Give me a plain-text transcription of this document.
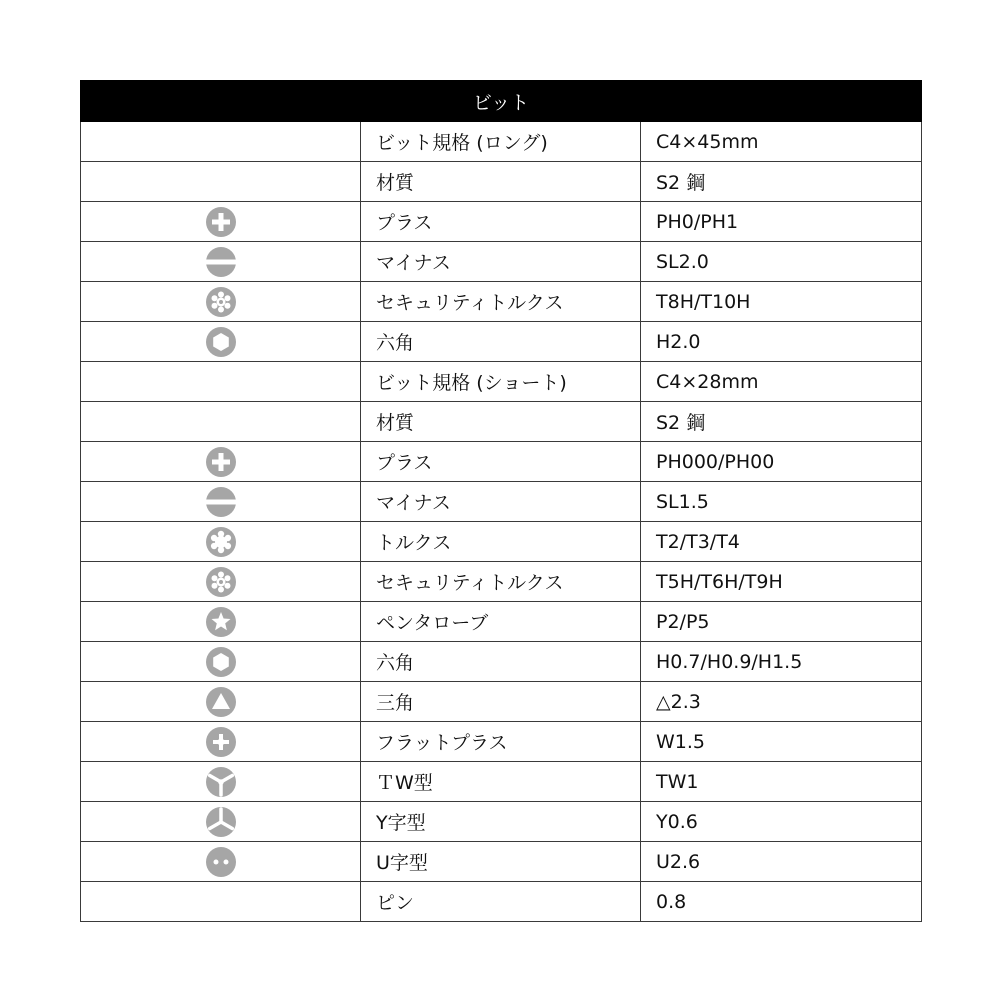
ビット		
	ビット規格 (ロング)	C4×45mm
	材質	S2 鋼

	プラス	PH0/PH1

	マイナス	SL2.0

	セキュリティトルクス	T8H/T10H

	六角	H2.0
	ビット規格 (ショート)	C4×28mm
	材質	S2 鋼

	プラス	PH000/PH00

	マイナス	SL1.5

	トルクス	T2/T3/T4

	セキュリティトルクス	T5H/T6H/T9H

	ペンタローブ	P2/P5

	六角	H0.7/H0.9/H1.5

	三角	△2.3

	フラットプラス	W1.5

	ＴW型	TW1

	Y字型	Y0.6

	U字型	U2.6
	ピン	0.8
